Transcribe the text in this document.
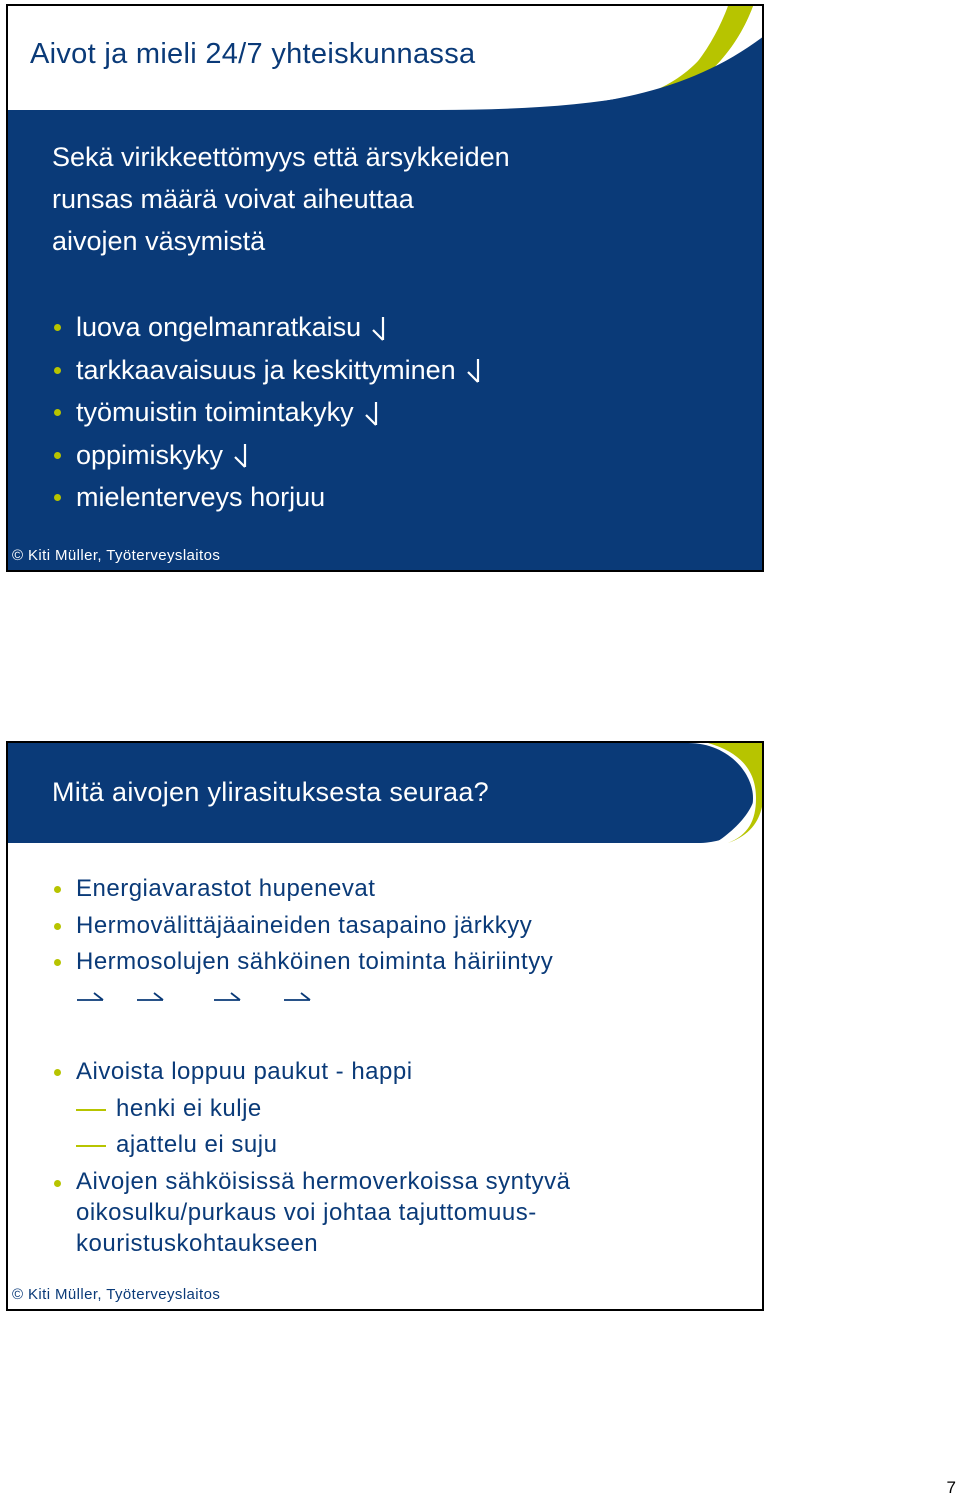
Aivot ja mieli 24/7 yhteiskunnassa
Sekä virikkeettömyys että ärsykkeiden
runsas määrä voivat aiheuttaa
aivojen väsymistä
luova ongelmanratkaisu
tarkkaavaisuus ja keskittyminen
työmuistin toimintakyky
oppimiskyky
mielenterveys horjuu
© Kiti Müller, Työterveyslaitos
Mitä aivojen ylirasituksesta seuraa?
Energiavarastot hupenevat
Hermovälittäjäaineiden tasapaino järkkyy
Hermosolujen sähköinen toiminta häiriintyy
Aivoista loppuu paukut - happi
henki ei kulje
ajattelu ei suju
Aivojen sähköisissä hermoverkoissa syntyvä
oikosulku/purkaus voi johtaa tajuttomuus-
kouristuskohtaukseen
© Kiti Müller, Työterveyslaitos
7
